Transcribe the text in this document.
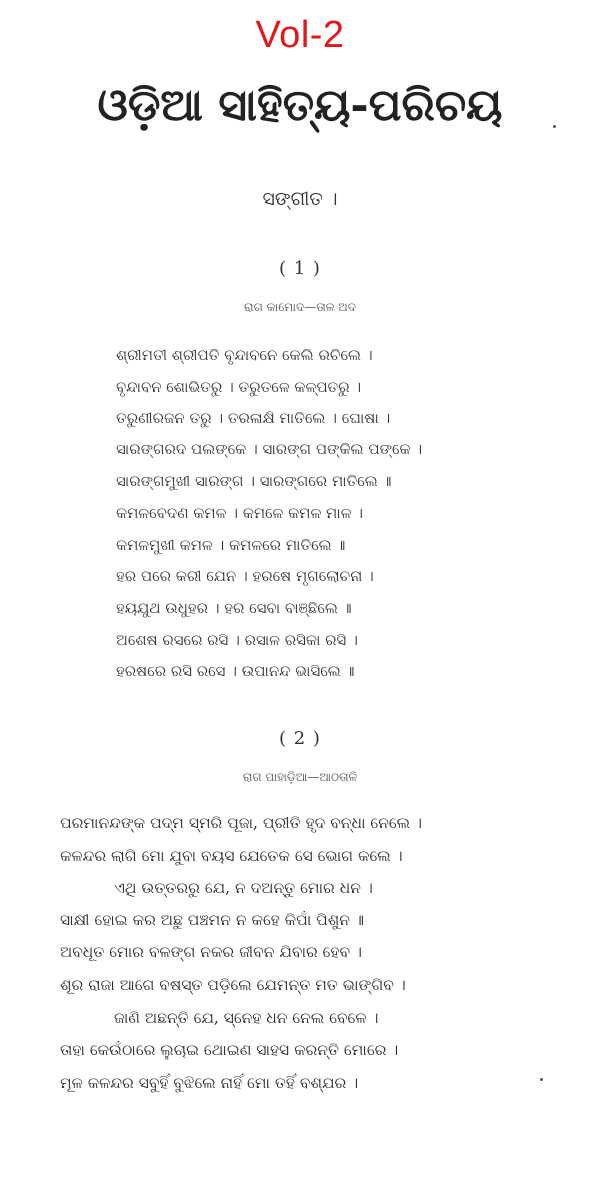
Vol-2
ଓଡ଼ିଆ ସାହିତ୍ୟ-ପରିଚୟ
ସଙ୍ଗୀତ ।
( 1 )
ରାଗ କାମୋଦ—ତାଳ ଅଦ
ଶ୍ରୀମତୀ ଶ୍ରୀପତି ବୃନ୍ଦାବନେ କେଲି ରଚିଲେ ।
ବୃନ୍ଦାବନ ଶୋଭିତରୁ । ତରୁତଳେ କଳ୍ପତରୁ ।
ତରୁଣୀରଜନ ତରୁ । ତରଳାକ୍ଷି ମାତିଲେ । ଘୋଷା ।
ସାରଙ୍ଗରଦ ପଲଙ୍କେ । ସାରଙ୍ଗ ପଙ୍କିଲ ପଙ୍କେ ।
ସାରଙ୍ଗମୁଖୀ ସାରଙ୍ଗ । ସାରଙ୍ଗରେ ମାତିଲେ ॥
କମଳବେଦଣ କମଳ । କମଳେ କମଳ ମାଳ ।
କମଳମୁଖୀ କମଳ । କମଳରେ ମାତିଲେ ॥
ହର ପରେ କରୀ ଯେନ । ହରଷେ ମୃଗଲୋଚନା ।
ହୟଯୁଥ ଉଧୁହର । ହର ସେବା ବାଞ୍ଛିଲେ ॥
ଅଶେଷ ରସରେ ରସି । ରସାଳ ରସିକା ରସି ।
ହରଷରେ ରସି ରସେ । ଉପାନନ୍ଦ ଭାସିଲେ ॥
( 2 )
ରାଗ ପାହାଡ଼ିଆ—ଆଠତାଳି
ପରମାନନ୍ଦଙ୍କ ପଦ୍ମ ସ୍ମରି ପୂଜା, ପ୍ରୀତି ହୃଦ ବନ୍ଧା ନେଲେ ।
କଳନ୍ଦର ଲାଗି ମୋ ଯୁବା ବୟସ ଯେତେକ ସେ ଭୋଗ କଲେ ।
ଏଥି ଉତ୍ତରରୁ ଯେ, ନ ଦଅନ୍ତୁ ମୋର ଧନ ।
ସାକ୍ଷୀ ହୋଇ କର ଅଛୁ ପଞ୍ଚମନ ନ କହେ କିପାଁ ପିଶୁନ ॥
ଅବଧୂତ ମୋର ବଳଙ୍ଗ ନକର ଜୀବନ ଯିବାର ହେବ ।
ଶୂର ରାଜା ଆଗେ ବଷସ୍ତ ପଡ଼ିଲେ ଯେମନ୍ତ ମତ ଭାଙ୍ଗିବ ।
ଜାଣି ଅଛନ୍ତି ଯେ, ସ୍ନେହ ଧନ ନେଲ ବେଳେ ।
ତାହା କେଉଁଠାରେ ଲୁଚାଇ ଥୋଇଣ ସାହସ କରନ୍ତି ମୋରେ ।
ମୂଳ କଳନ୍ଦର ସବୁହିଁ ବୁଝିଲେ ନାହିଁ ମୋ ତହିଁ ବଶ୍ଯର ।
